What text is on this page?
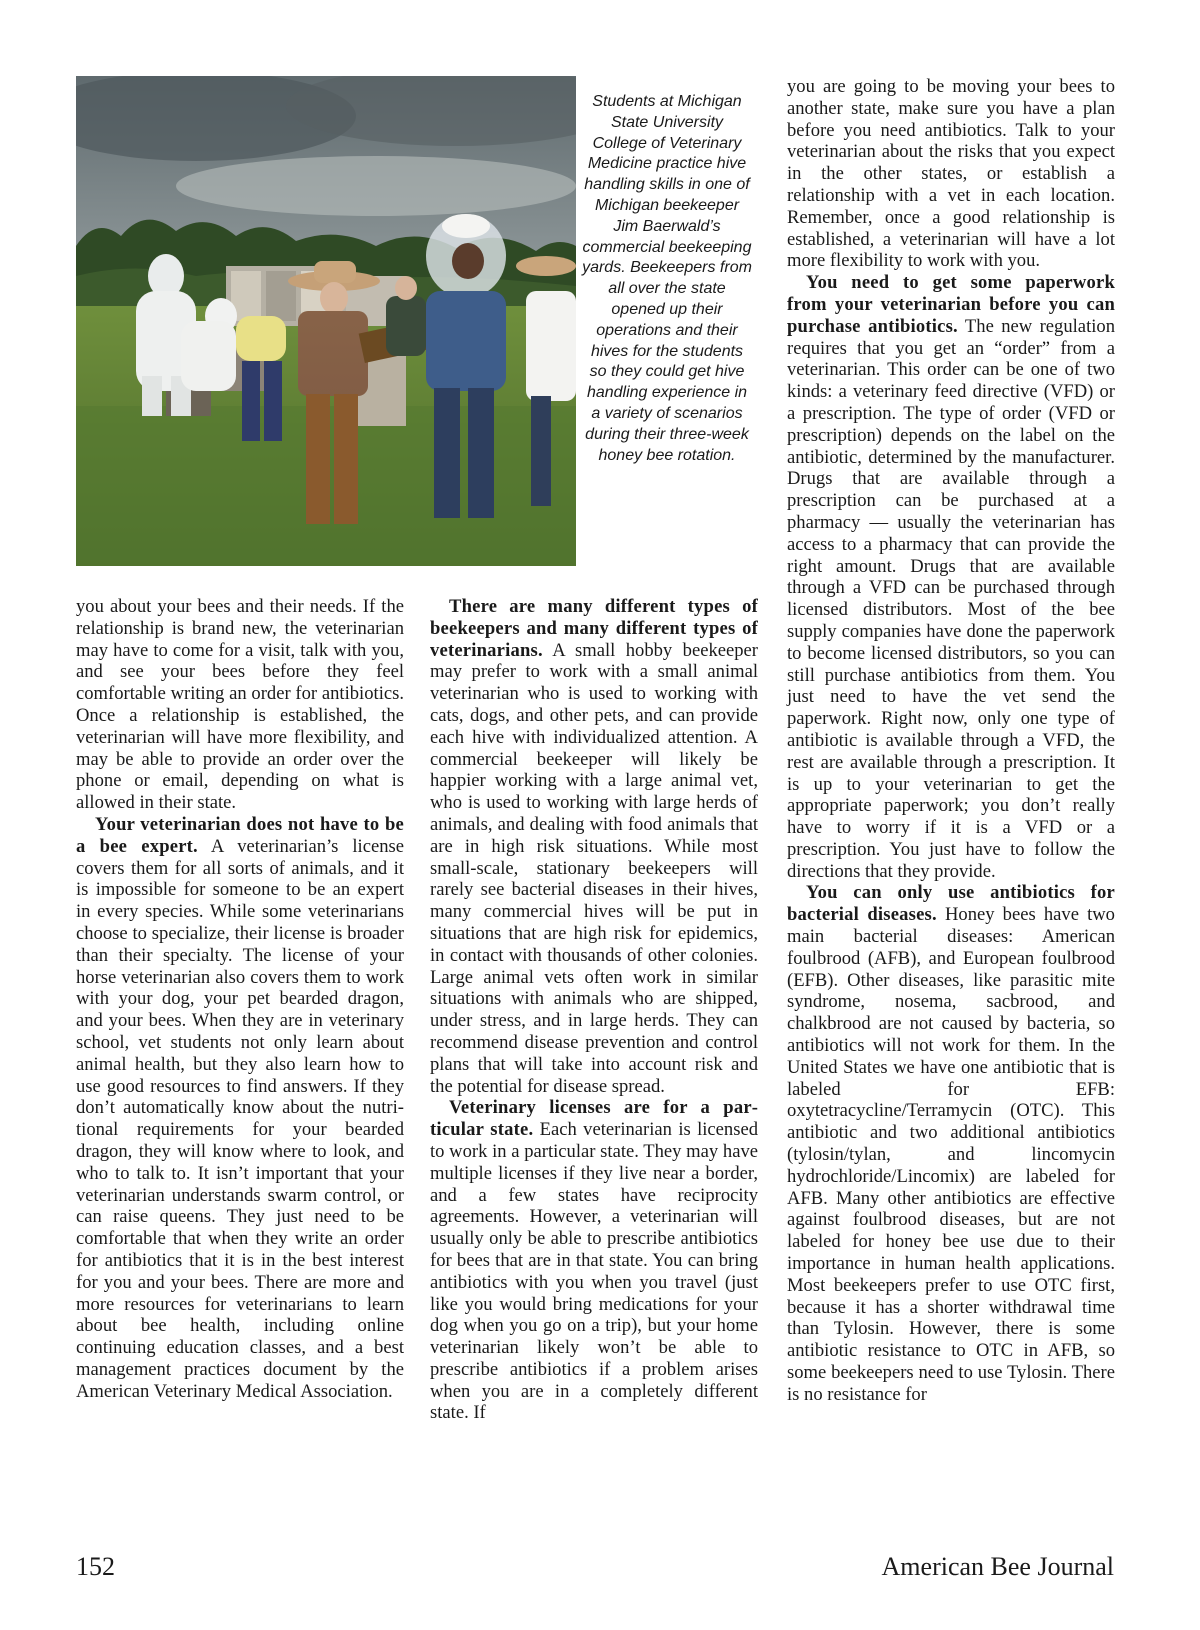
Students at Michigan State University College of Veterinary Medicine practice hive handling skills in one of Michigan beekeeper Jim Baerwald’s commercial beekeeping yards. Beekeepers from all over the state opened up their operations and their hives for the students so they could get hive handling experience in a variety of scenarios during their three-week honey bee rotation.

you about your bees and their needs. If the relationship is brand new, the veterinarian may have to come for a visit, talk with you, and see your bees before they feel comfortable writing an order for antibiotics. Once a relationship is established, the veterinarian will have more flexibility, and may be able to provide an order over the phone or email, depending on what is allowed in their state.

Your veterinarian does not have to be a bee expert. A veterinarian’s license covers them for all sorts of animals, and it is impossible for someone to be an expert in every species. While some veterinarians choose to specialize, their license is broader than their specialty. The license of your horse veterinarian also covers them to work with your dog, your pet bearded dragon, and your bees. When they are in veterinary school, vet students not only learn about animal health, but they also learn how to use good resources to find answers. If they don’t automatically know about the nutritional requirements for your bearded dragon, they will know where to look, and who to talk to. It isn’t important that your veterinarian understands swarm control, or can raise queens. They just need to be comfortable that when they write an order for antibiotics that it is in the best interest for you and your bees. There are more and more resources for veterinarians to learn about bee health, including online continuing education classes, and a best management practices document by the American Veterinary Medical Association.

There are many different types of beekeepers and many different types of veterinarians. A small hobby beekeeper may prefer to work with a small animal veterinarian who is used to working with cats, dogs, and other pets, and can provide each hive with individualized attention. A commercial beekeeper will likely be happier working with a large animal vet, who is used to working with large herds of animals, and dealing with food animals that are in high risk situations. While most small-scale, stationary beekeepers will rarely see bacterial diseases in their hives, many commercial hives will be put in situations that are high risk for epidemics, in contact with thousands of other colonies. Large animal vets often work in similar situations with animals who are shipped, under stress, and in large herds. They can recommend disease prevention and control plans that will take into account risk and the potential for disease spread.

Veterinary licenses are for a particular state. Each veterinarian is licensed to work in a particular state. They may have multiple licenses if they live near a border, and a few states have reciprocity agreements. However, a veterinarian will usually only be able to prescribe antibiotics for bees that are in that state. You can bring antibiotics with you when you travel (just like you would bring medications for your dog when you go on a trip), but your home veterinarian likely won’t be able to prescribe antibiotics if a problem arises when you are in a completely different state. If

you are going to be moving your bees to another state, make sure you have a plan before you need antibiotics. Talk to your veterinarian about the risks that you expect in the other states, or establish a relationship with a vet in each location. Remember, once a good relationship is established, a veterinarian will have a lot more flexibility to work with you.

You need to get some paperwork from your veterinarian before you can purchase antibiotics. The new regulation requires that you get an “order” from a veterinarian. This order can be one of two kinds: a veterinary feed directive (VFD) or a prescription. The type of order (VFD or prescription) depends on the label on the antibiotic, determined by the manufacturer. Drugs that are available through a prescription can be purchased at a pharmacy — usually the veterinarian has access to a pharmacy that can provide the right amount. Drugs that are available through a VFD can be purchased through licensed distributors. Most of the bee supply companies have done the paperwork to become licensed distributors, so you can still purchase antibiotics from them. You just need to have the vet send the paperwork. Right now, only one type of antibiotic is available through a VFD, the rest are available through a prescription. It is up to your veterinarian to get the appropriate paperwork; you don’t really have to worry if it is a VFD or a prescription. You just have to follow the directions that they provide.

You can only use antibiotics for bacterial diseases. Honey bees have two main bacterial diseases: American foulbrood (AFB), and European foulbrood (EFB). Other diseases, like parasitic mite syndrome, nosema, sacbrood, and chalkbrood are not caused by bacteria, so antibiotics will not work for them. In the United States we have one antibiotic that is labeled for EFB: oxytetracycline/Terramycin (OTC). This antibiotic and two additional antibiotics (tylosin/tylan, and lincomycin hydrochloride/Lincomix) are labeled for AFB. Many other antibiotics are effective against foulbrood diseases, but are not labeled for honey bee use due to their importance in human health applications. Most beekeepers prefer to use OTC first, because it has a shorter withdrawal time than Tylosin. However, there is some antibiotic resistance to OTC in AFB, so some beekeepers need to use Tylosin. There is no resistance for

152	American Bee Journal
